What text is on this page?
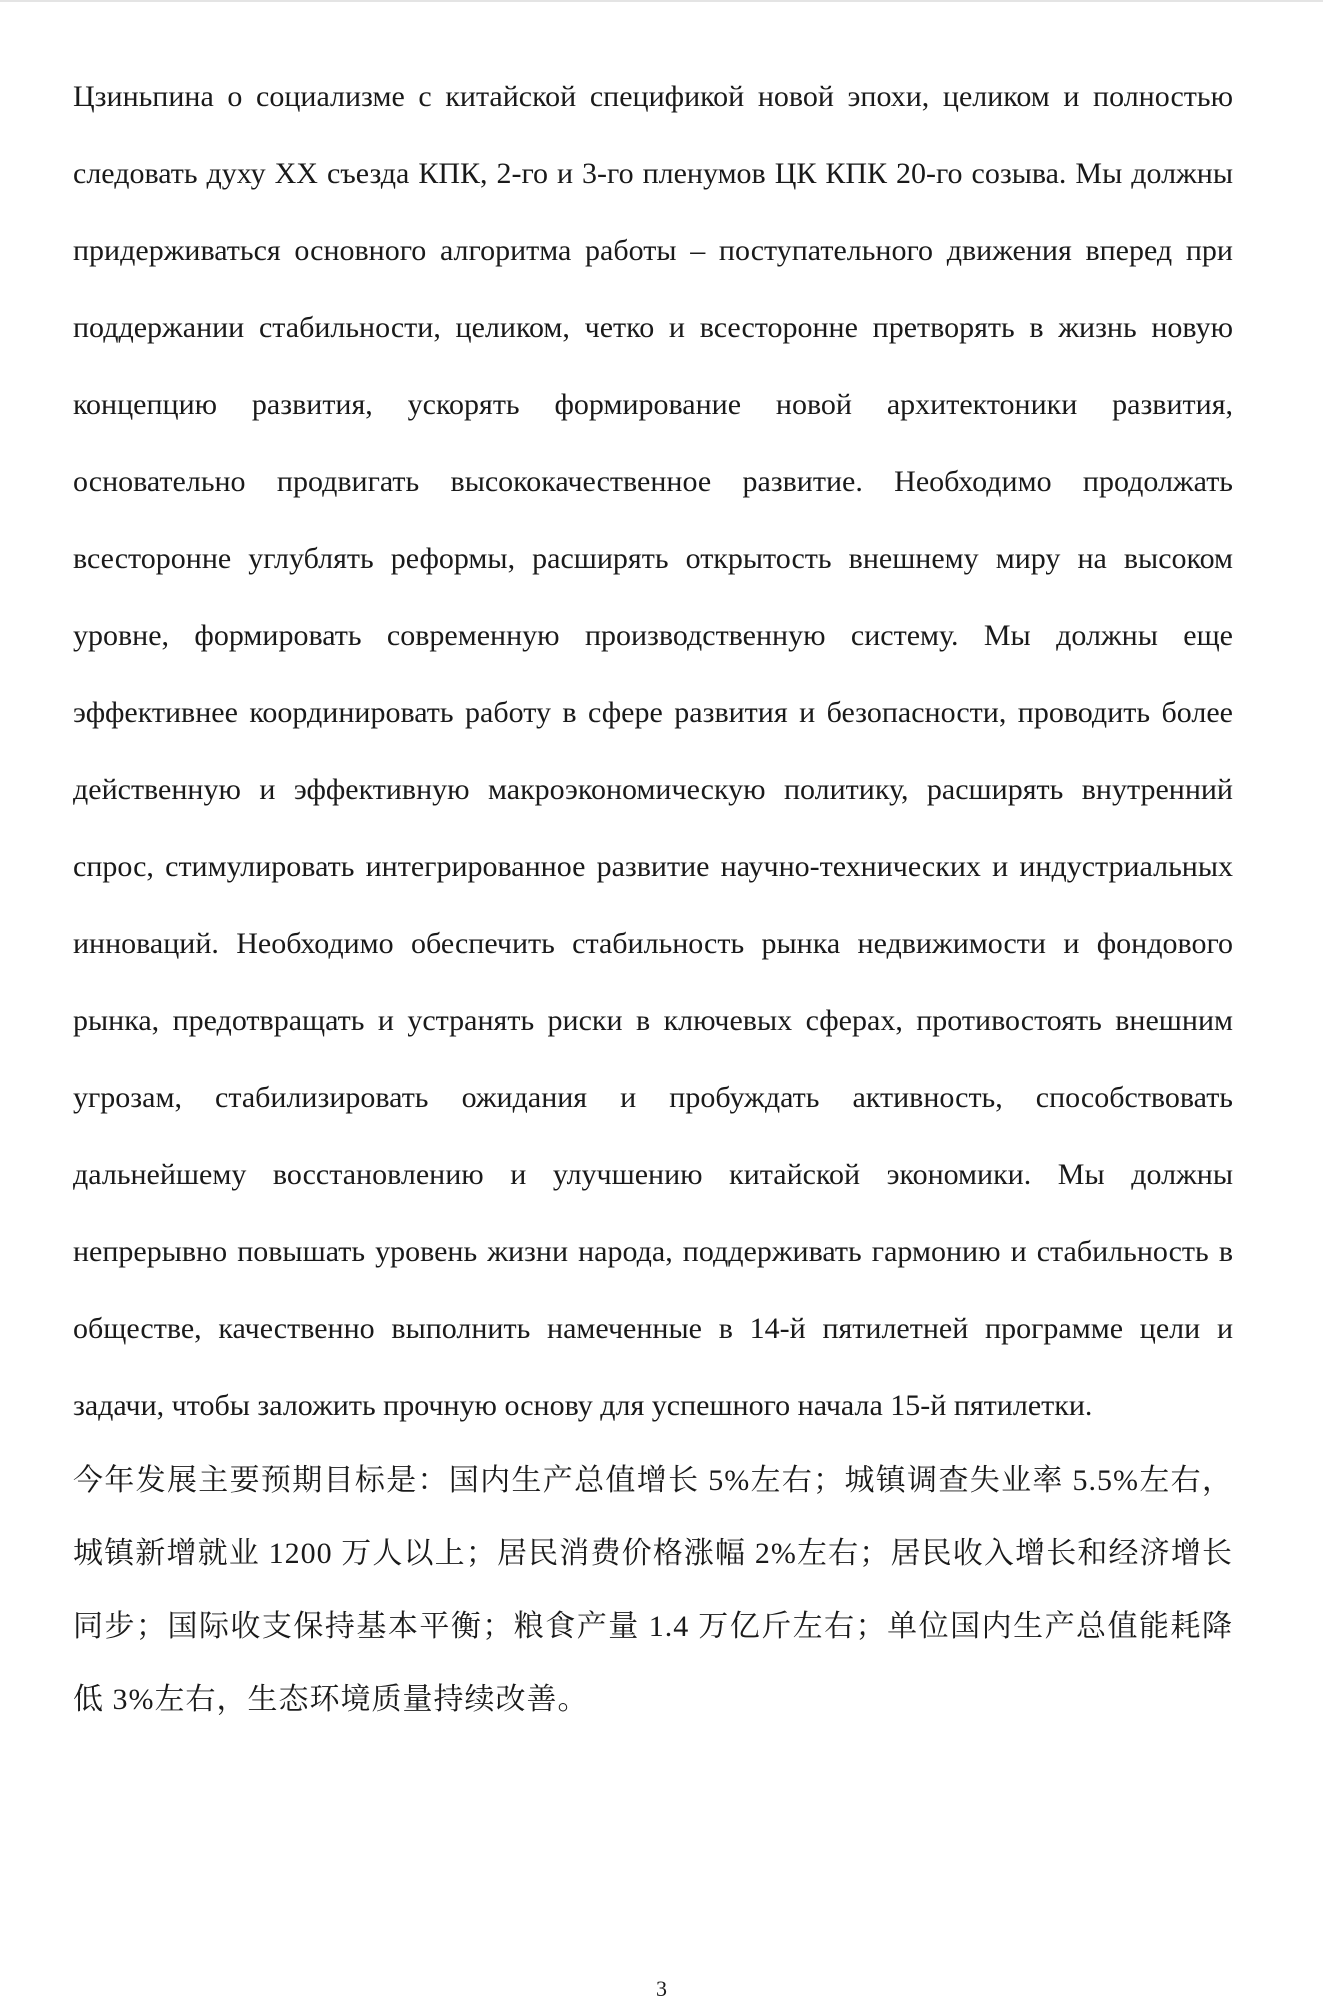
Цзиньпина о социализме с китайской спецификой новой эпохи, целиком и полностью следовать духу XX съезда КПК, 2-го и 3-го пленумов ЦК КПК 20-го созыва. Мы должны придерживаться основного алгоритма работы – поступательного движения вперед при поддержании стабильности, целиком, четко и всесторонне претворять в жизнь новую концепцию развития, ускорять формирование новой архитектоники развития, основательно продвигать высококачественное развитие. Необходимо продолжать всесторонне углублять реформы, расширять открытость внешнему миру на высоком уровне, формировать современную производственную систему. Мы должны еще эффективнее координировать работу в сфере развития и безопасности, проводить более действенную и эффективную макроэкономическую политику, расширять внутренний спрос, стимулировать интегрированное развитие научно-технических и индустриальных инноваций. Необходимо обеспечить стабильность рынка недвижимости и фондового рынка, предотвращать и устранять риски в ключевых сферах, противостоять внешним угрозам, стабилизировать ожидания и пробуждать активность, способствовать дальнейшему восстановлению и улучшению китайской экономики. Мы должны непрерывно повышать уровень жизни народа, поддерживать гармонию и стабильность в обществе, качественно выполнить намеченные в 14-й пятилетней программе цели и задачи, чтобы заложить прочную основу для успешного начала 15-й пятилетки.

今年发展主要预期目标是：国内生产总值增长 5%左右；城镇调查失业率 5.5%左右，城镇新增就业 1200 万人以上；居民消费价格涨幅 2%左右；居民收入增长和经济增长同步；国际收支保持基本平衡；粮食产量 1.4 万亿斤左右；单位国内生产总值能耗降低 3%左右，生态环境质量持续改善。

3
